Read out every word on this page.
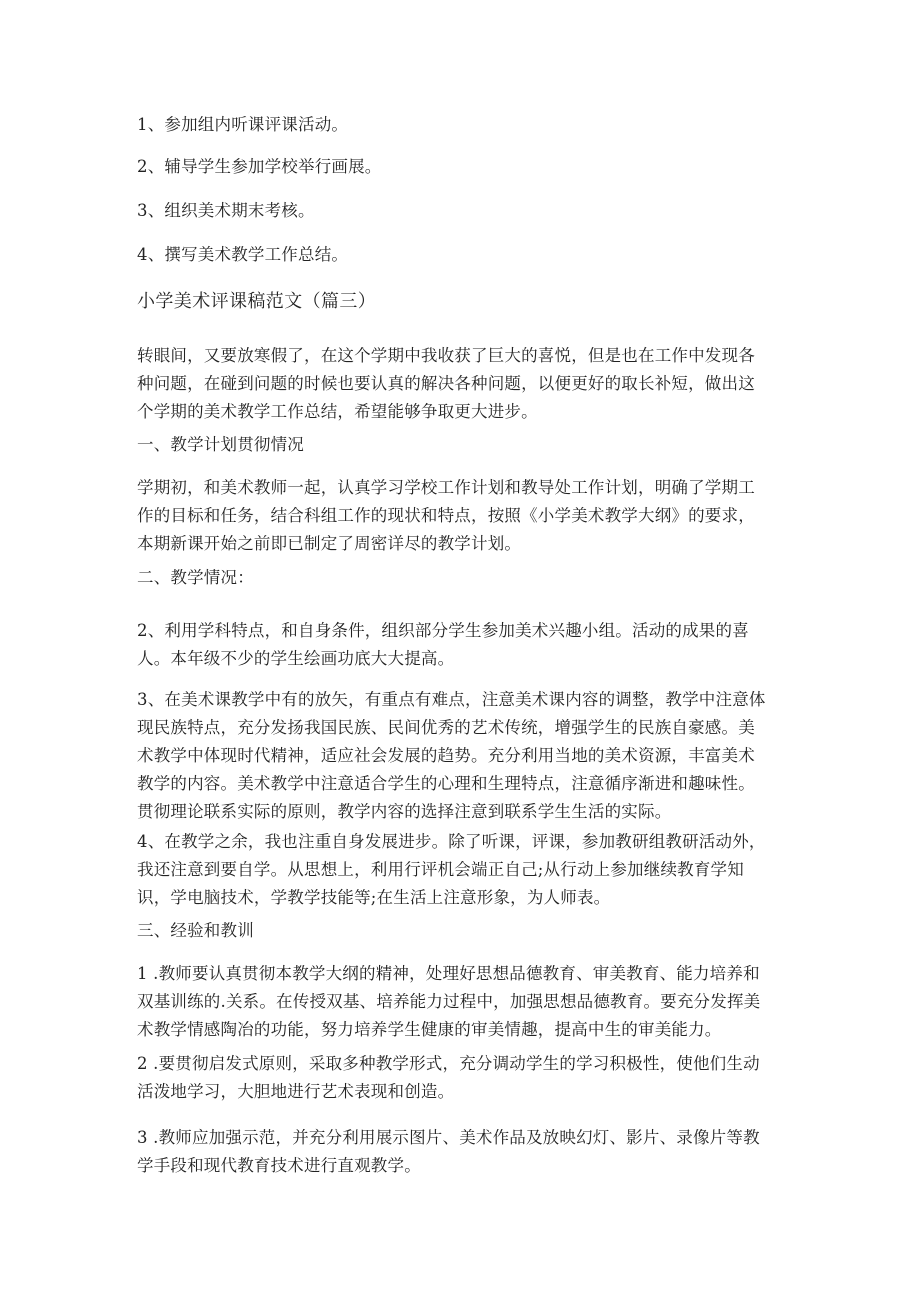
1、参加组内听课评课活动。

2、辅导学生参加学校举行画展。

3、组织美术期末考核。

4、撰写美术教学工作总结。

小学美术评课稿范文（篇三）

转眼间，又要放寒假了，在这个学期中我收获了巨大的喜悦，但是也在工作中发现各
种问题，在碰到问题的时候也要认真的解决各种问题，以便更好的取长补短，做出这
个学期的美术教学工作总结，希望能够争取更大进步。

一、教学计划贯彻情况

学期初，和美术教师一起，认真学习学校工作计划和教导处工作计划，明确了学期工
作的目标和任务，结合科组工作的现状和特点，按照《小学美术教学大纲》的要求，
本期新课开始之前即已制定了周密详尽的教学计划。

二、教学情况：

2、利用学科特点，和自身条件，组织部分学生参加美术兴趣小组。活动的成果的喜
人。本年级不少的学生绘画功底大大提高。
3、在美术课教学中有的放矢，有重点有难点，注意美术课内容的调整，教学中注意体
现民族特点，充分发扬我国民族、民间优秀的艺术传统，增强学生的民族自豪感。美
术教学中体现时代精神，适应社会发展的趋势。充分利用当地的美术资源，丰富美术
教学的内容。美术教学中注意适合学生的心理和生理特点，注意循序渐进和趣味性。
贯彻理论联系实际的原则，教学内容的选择注意到联系学生生活的实际。
4、在教学之余，我也注重自身发展进步。除了听课，评课，参加教研组教研活动外，
我还注意到要自学。从思想上，利用行评机会端正自己;从行动上参加继续教育学知
识，学电脑技术，学教学技能等;在生活上注意形象，为人师表。

三、经验和教训

1 .教师要认真贯彻本教学大纲的精神，处理好思想品德教育、审美教育、能力培养和
双基训练的.关系。在传授双基、培养能力过程中，加强思想品德教育。要充分发挥美
术教学情感陶冶的功能，努力培养学生健康的审美情趣，提高中生的审美能力。
2 .要贯彻启发式原则，采取多种教学形式，充分调动学生的学习积极性，使他们生动
活泼地学习，大胆地进行艺术表现和创造。
3 .教师应加强示范，并充分利用展示图片、美术作品及放映幻灯、影片、录像片等教
学手段和现代教育技术进行直观教学。
